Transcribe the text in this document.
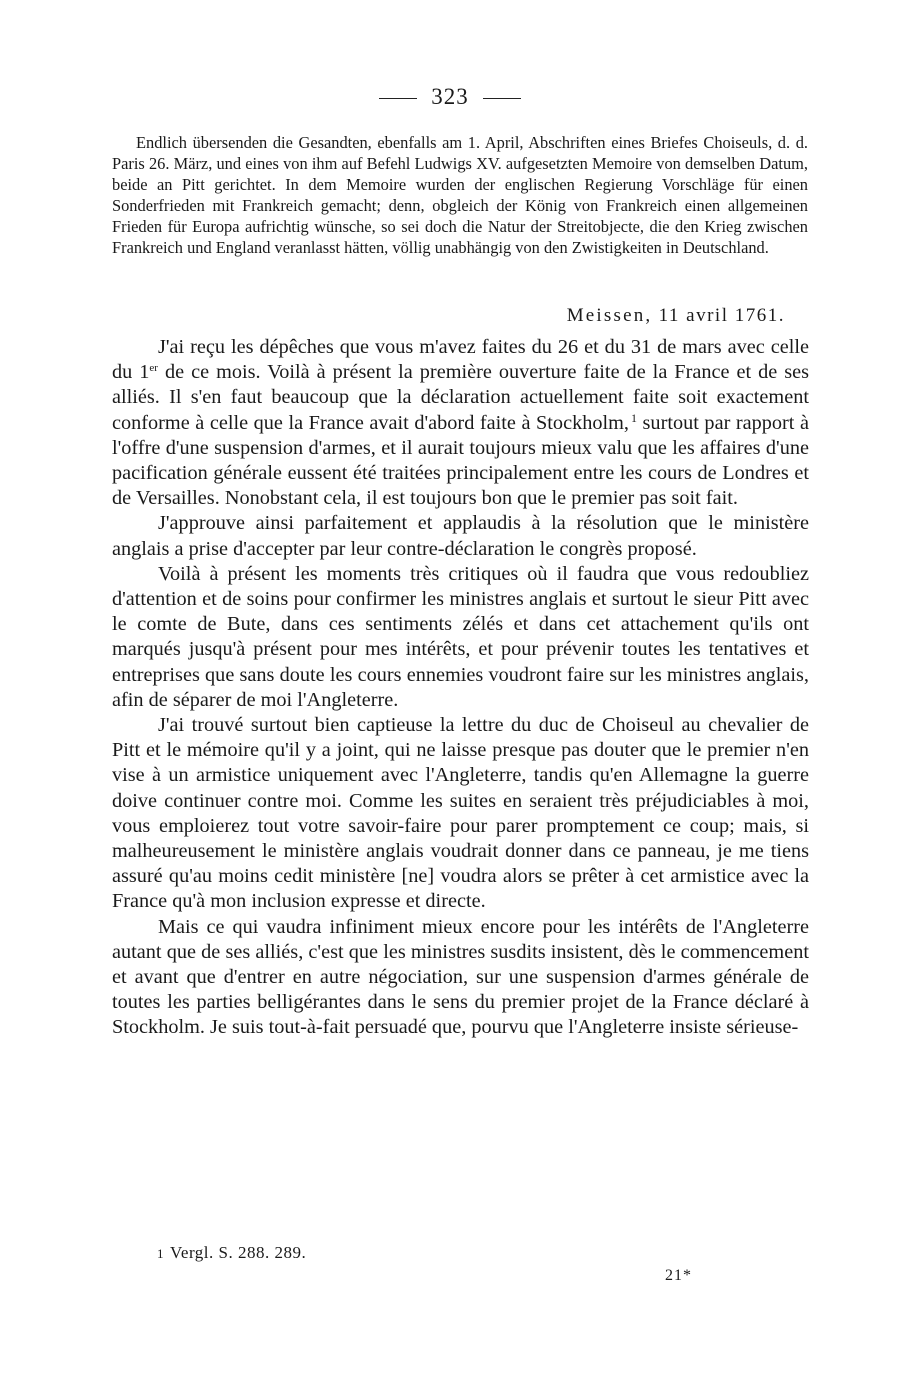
323

Endlich übersenden die Gesandten, ebenfalls am 1. April, Abschriften eines Briefes Choiseuls, d. d. Paris 26. März, und eines von ihm auf Befehl Ludwigs XV. aufgesetzten Memoire von demselben Datum, beide an Pitt gerichtet. In dem Memoire wurden der englischen Regierung Vorschläge für einen Sonderfrieden mit Frankreich gemacht; denn, obgleich der König von Frankreich einen allgemeinen Frieden für Europa aufrichtig wünsche, so sei doch die Natur der Streitobjecte, die den Krieg zwischen Frankreich und England veranlasst hätten, völlig unabhängig von den Zwistigkeiten in Deutschland.

Meissen, 11 avril 1761.

J'ai reçu les dépêches que vous m'avez faites du 26 et du 31 de mars avec celle du 1er de ce mois. Voilà à présent la première ouverture faite de la France et de ses alliés. Il s'en faut beaucoup que la déclaration actuellement faite soit exactement conforme à celle que la France avait d'abord faite à Stockholm, $^1$ surtout par rapport à l'offre d'une suspension d'armes, et il aurait toujours mieux valu que les affaires d'une pacification générale eussent été traitées principalement entre les cours de Londres et de Versailles. Nonobstant cela, il est toujours bon que le premier pas soit fait.

J'approuve ainsi parfaitement et applaudis à la résolution que le ministère anglais a prise d'accepter par leur contre-déclaration le congrès proposé.

Voilà à présent les moments très critiques où il faudra que vous redoubliez d'attention et de soins pour confirmer les ministres anglais et surtout le sieur Pitt avec le comte de Bute, dans ces sentiments zélés et dans cet attachement qu'ils ont marqués jusqu'à présent pour mes intérêts, et pour prévenir toutes les tentatives et entreprises que sans doute les cours ennemies voudront faire sur les ministres anglais, afin de séparer de moi l'Angleterre.

J'ai trouvé surtout bien captieuse la lettre du duc de Choiseul au chevalier de Pitt et le mémoire qu'il y a joint, qui ne laisse presque pas douter que le premier n'en vise à un armistice uniquement avec l'Angleterre, tandis qu'en Allemagne la guerre doive continuer contre moi. Comme les suites en seraient très préjudiciables à moi, vous emploierez tout votre savoir-faire pour parer promptement ce coup; mais, si malheureusement le ministère anglais voudrait donner dans ce panneau, je me tiens assuré qu'au moins cedit ministère [ne] voudra alors se prêter à cet armistice avec la France qu'à mon inclusion expresse et directe.

Mais ce qui vaudra infiniment mieux encore pour les intérêts de l'Angleterre autant que de ses alliés, c'est que les ministres susdits insistent, dès le commencement et avant que d'entrer en autre négociation, sur une suspension d'armes générale de toutes les parties belligérantes dans le sens du premier projet de la France déclaré à Stockholm. Je suis tout-à-fait persuadé que, pourvu que l'Angleterre insiste sérieuse-

1 Vergl. S. 288. 289.
21*
